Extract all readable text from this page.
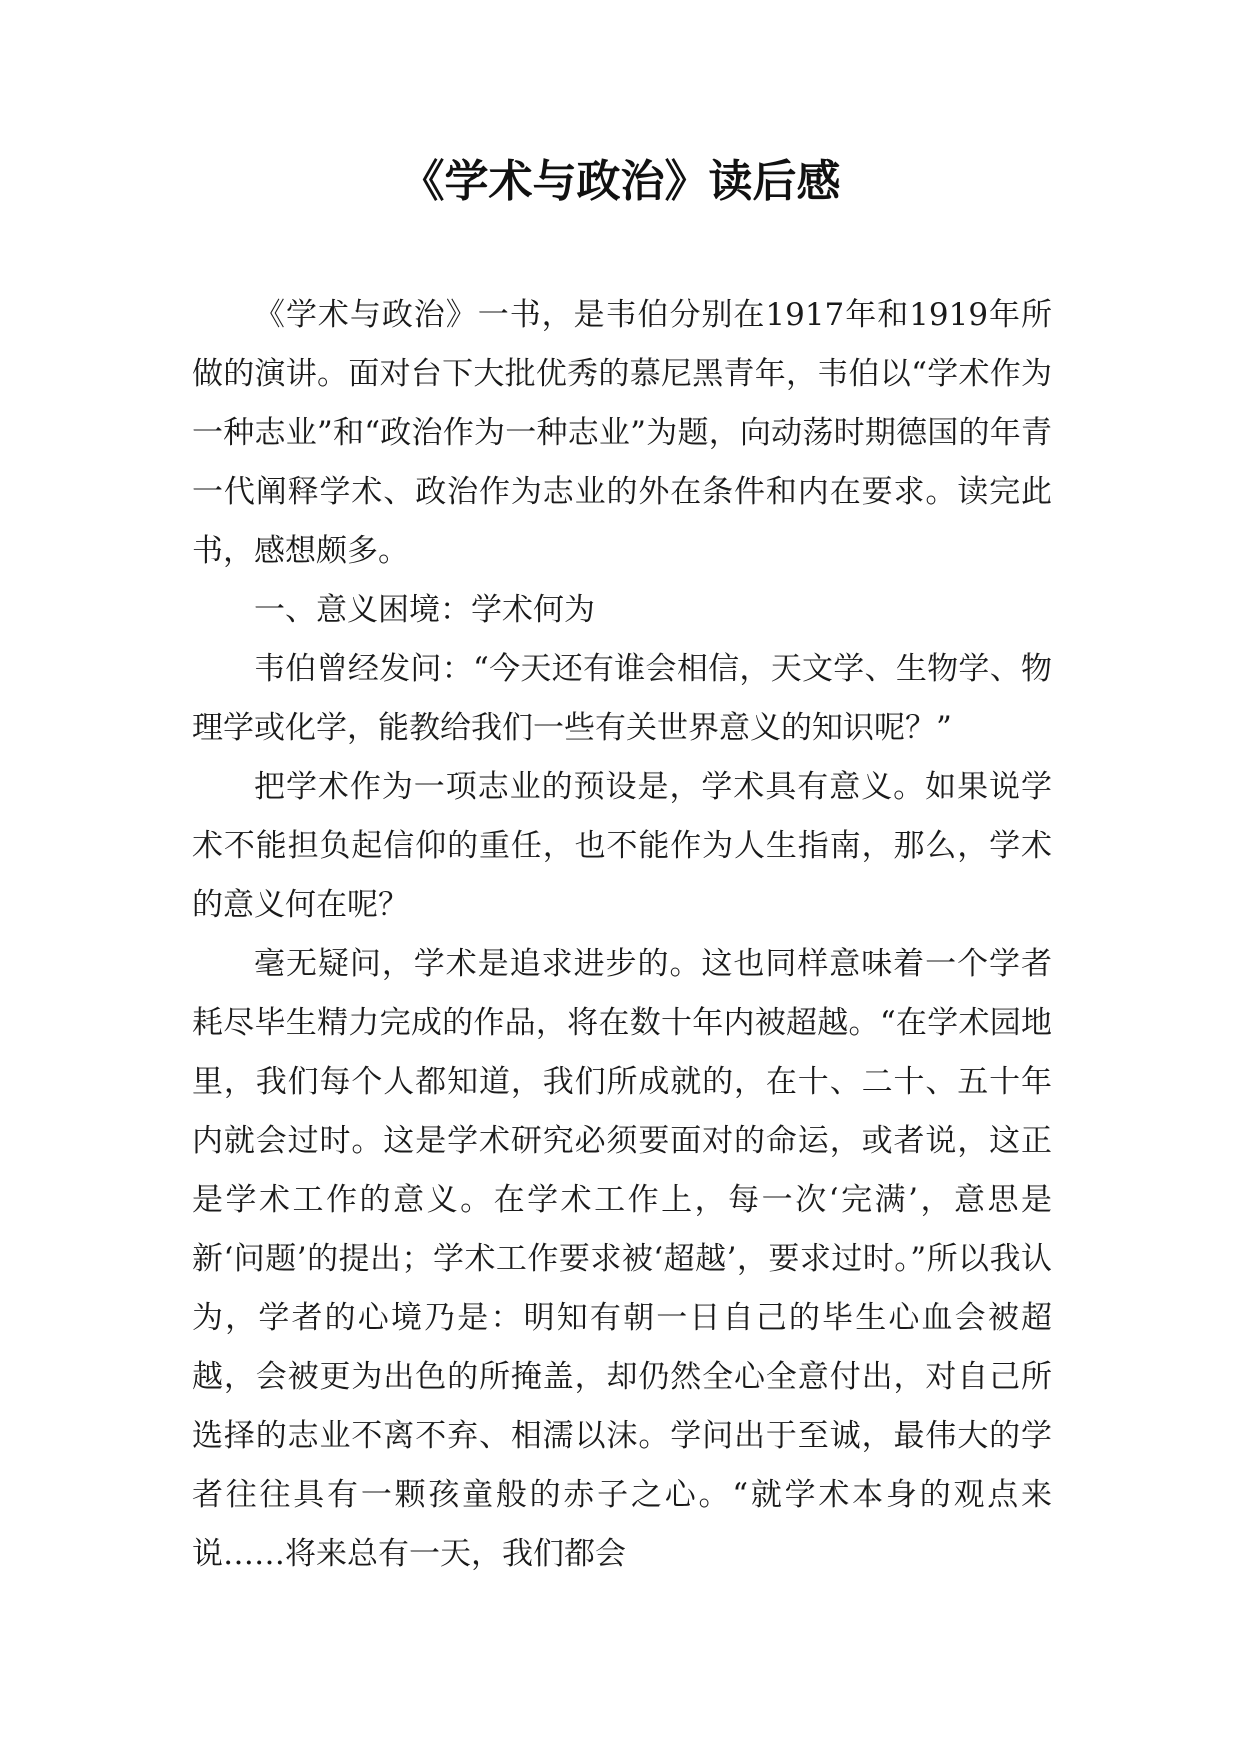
《学术与政治》读后感

《学术与政治》一书，是韦伯分别在1917年和1919年所做的演讲。面对台下大批优秀的慕尼黑青年，韦伯以“学术作为一种志业”和“政治作为一种志业”为题，向动荡时期德国的年青一代阐释学术、政治作为志业的外在条件和内在要求。读完此书，感想颇多。

一、意义困境：学术何为

韦伯曾经发问：“今天还有谁会相信，天文学、生物学、物理学或化学，能教给我们一些有关世界意义的知识呢？”

把学术作为一项志业的预设是，学术具有意义。如果说学术不能担负起信仰的重任，也不能作为人生指南，那么，学术的意义何在呢？

毫无疑问，学术是追求进步的。这也同样意味着一个学者耗尽毕生精力完成的作品，将在数十年内被超越。“在学术园地里，我们每个人都知道，我们所成就的，在十、二十、五十年内就会过时。这是学术研究必须要面对的命运，或者说，这正是学术工作的意义。在学术工作上，每一次‘完满’，意思是新‘问题’的提出；学术工作要求被‘超越’，要求过时。”所以我认为，学者的心境乃是：明知有朝一日自己的毕生心血会被超越，会被更为出色的所掩盖，却仍然全心全意付出，对自己所选择的志业不离不弃、相濡以沫。学问出于至诚，最伟大的学者往往具有一颗孩童般的赤子之心。“就学术本身的观点来说……将来总有一天，我们都会
